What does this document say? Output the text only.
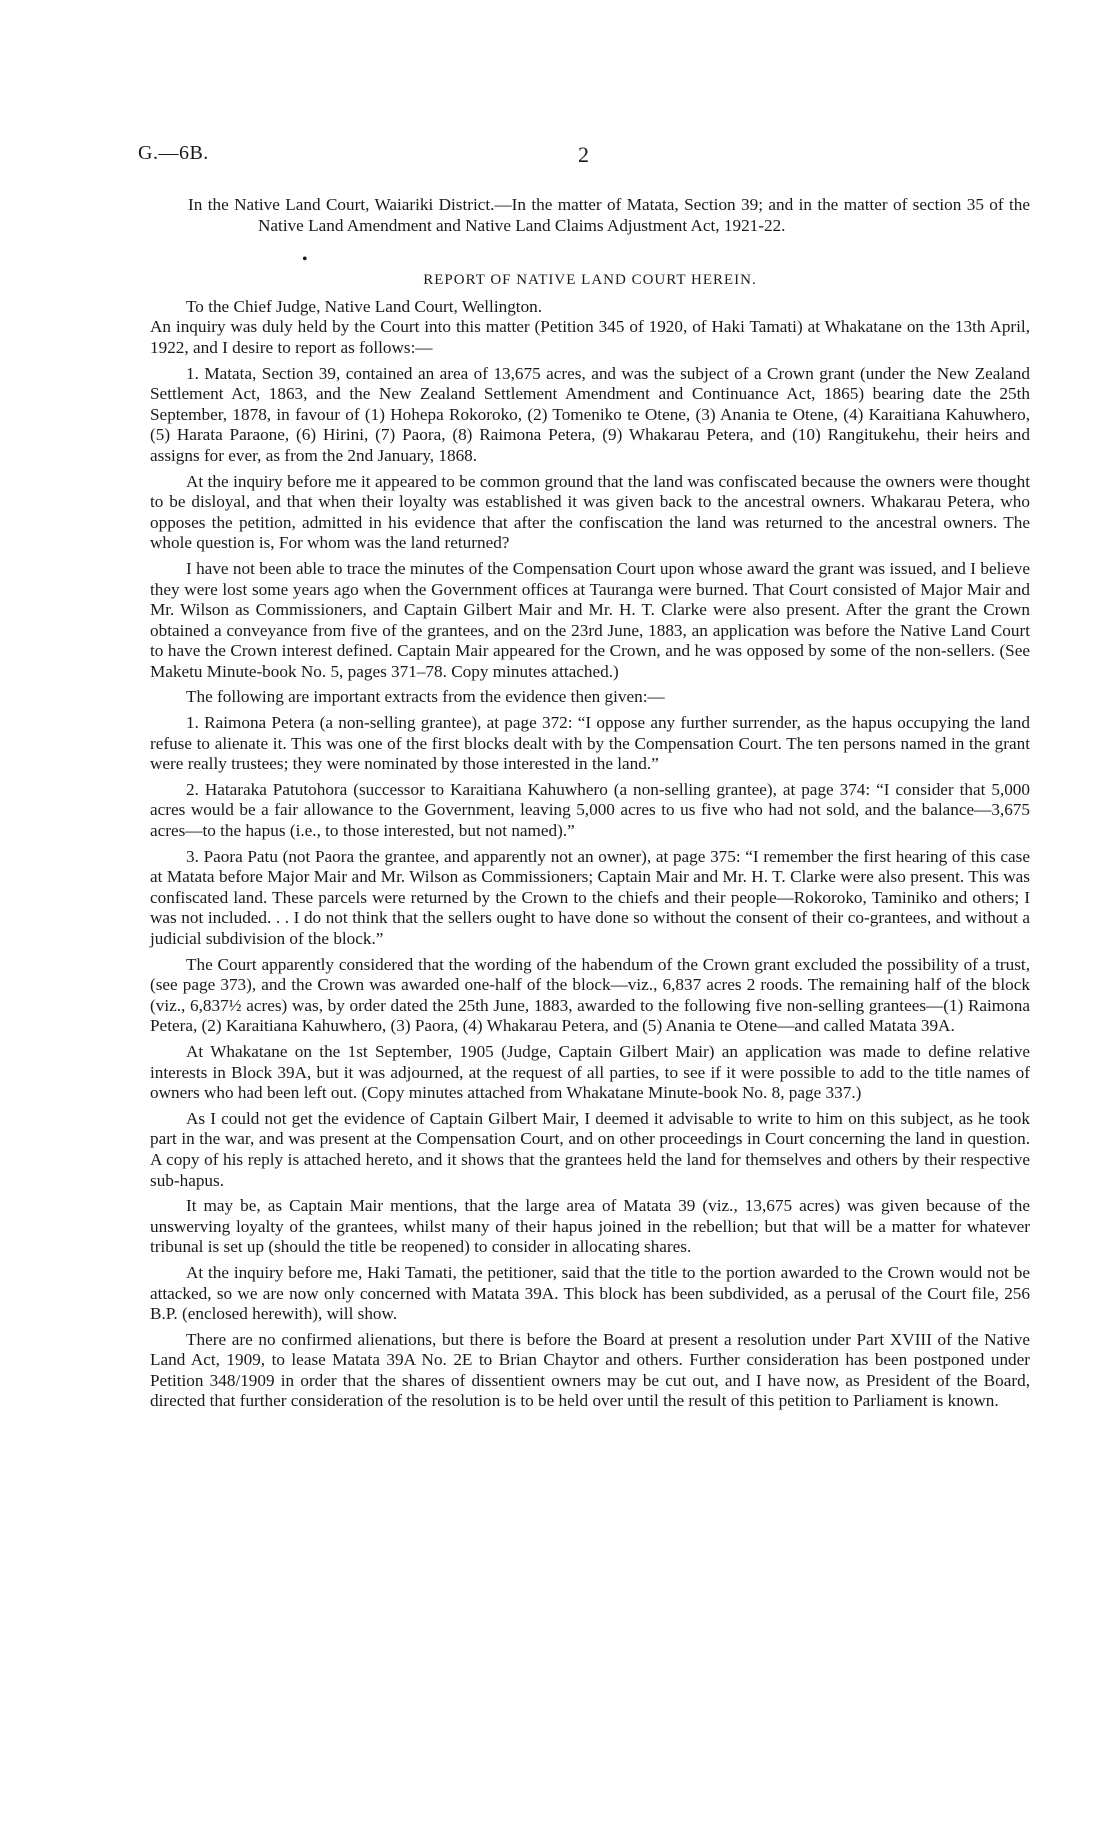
G.—6B.	2
In the Native Land Court, Waiariki District.—In the matter of Matata, Section 39; and in the matter of section 35 of the Native Land Amendment and Native Land Claims Adjustment Act, 1921-22.
•
REPORT OF NATIVE LAND COURT HEREIN.
To the Chief Judge, Native Land Court, Wellington.

An inquiry was duly held by the Court into this matter (Petition 345 of 1920, of Haki Tamati) at Whakatane on the 13th April, 1922, and I desire to report as follows:—

1. Matata, Section 39, contained an area of 13,675 acres, and was the subject of a Crown grant (under the New Zealand Settlement Act, 1863, and the New Zealand Settlement Amendment and Continuance Act, 1865) bearing date the 25th September, 1878, in favour of (1) Hohepa Rokoroko, (2) Tomeniko te Otene, (3) Anania te Otene, (4) Karaitiana Kahuwhero, (5) Harata Paraone, (6) Hirini, (7) Paora, (8) Raimona Petera, (9) Whakarau Petera, and (10) Rangitukehu, their heirs and assigns for ever, as from the 2nd January, 1868.

At the inquiry before me it appeared to be common ground that the land was confiscated because the owners were thought to be disloyal, and that when their loyalty was established it was given back to the ancestral owners. Whakarau Petera, who opposes the petition, admitted in his evidence that after the confiscation the land was returned to the ancestral owners. The whole question is, For whom was the land returned?

I have not been able to trace the minutes of the Compensation Court upon whose award the grant was issued, and I believe they were lost some years ago when the Government offices at Tauranga were burned. That Court consisted of Major Mair and Mr. Wilson as Commissioners, and Captain Gilbert Mair and Mr. H. T. Clarke were also present. After the grant the Crown obtained a conveyance from five of the grantees, and on the 23rd June, 1883, an application was before the Native Land Court to have the Crown interest defined. Captain Mair appeared for the Crown, and he was opposed by some of the non-sellers. (See Maketu Minute-book No. 5, pages 371–78. Copy minutes attached.)

The following are important extracts from the evidence then given:—

1. Raimona Petera (a non-selling grantee), at page 372: “I oppose any further surrender, as the hapus occupying the land refuse to alienate it. This was one of the first blocks dealt with by the Compensation Court. The ten persons named in the grant were really trustees; they were nominated by those interested in the land.”

2. Hataraka Patutohora (successor to Karaitiana Kahuwhero (a non-selling grantee), at page 374: “I consider that 5,000 acres would be a fair allowance to the Government, leaving 5,000 acres to us five who had not sold, and the balance—3,675 acres—to the hapus (i.e., to those interested, but not named).”

3. Paora Patu (not Paora the grantee, and apparently not an owner), at page 375: “I remember the first hearing of this case at Matata before Major Mair and Mr. Wilson as Commissioners; Captain Mair and Mr. H. T. Clarke were also present. This was confiscated land. These parcels were returned by the Crown to the chiefs and their people—Rokoroko, Taminiko and others; I was not included. . . I do not think that the sellers ought to have done so without the consent of their co-grantees, and without a judicial subdivision of the block.”

The Court apparently considered that the wording of the habendum of the Crown grant excluded the possibility of a trust, (see page 373), and the Crown was awarded one-half of the block—viz., 6,837 acres 2 roods. The remaining half of the block (viz., 6,837½ acres) was, by order dated the 25th June, 1883, awarded to the following five non-selling grantees—(1) Raimona Petera, (2) Karaitiana Kahuwhero, (3) Paora, (4) Whakarau Petera, and (5) Anania te Otene—and called Matata 39A.

At Whakatane on the 1st September, 1905 (Judge, Captain Gilbert Mair) an application was made to define relative interests in Block 39A, but it was adjourned, at the request of all parties, to see if it were possible to add to the title names of owners who had been left out. (Copy minutes attached from Whakatane Minute-book No. 8, page 337.)

As I could not get the evidence of Captain Gilbert Mair, I deemed it advisable to write to him on this subject, as he took part in the war, and was present at the Compensation Court, and on other proceedings in Court concerning the land in question. A copy of his reply is attached hereto, and it shows that the grantees held the land for themselves and others by their respective sub-hapus.

It may be, as Captain Mair mentions, that the large area of Matata 39 (viz., 13,675 acres) was given because of the unswerving loyalty of the grantees, whilst many of their hapus joined in the rebellion; but that will be a matter for whatever tribunal is set up (should the title be reopened) to consider in allocating shares.

At the inquiry before me, Haki Tamati, the petitioner, said that the title to the portion awarded to the Crown would not be attacked, so we are now only concerned with Matata 39A. This block has been subdivided, as a perusal of the Court file, 256 B.P. (enclosed herewith), will show.

There are no confirmed alienations, but there is before the Board at present a resolution under Part XVIII of the Native Land Act, 1909, to lease Matata 39A No. 2E to Brian Chaytor and others. Further consideration has been postponed under Petition 348/1909 in order that the shares of dissentient owners may be cut out, and I have now, as President of the Board, directed that further consideration of the resolution is to be held over until the result of this petition to Parliament is known.
